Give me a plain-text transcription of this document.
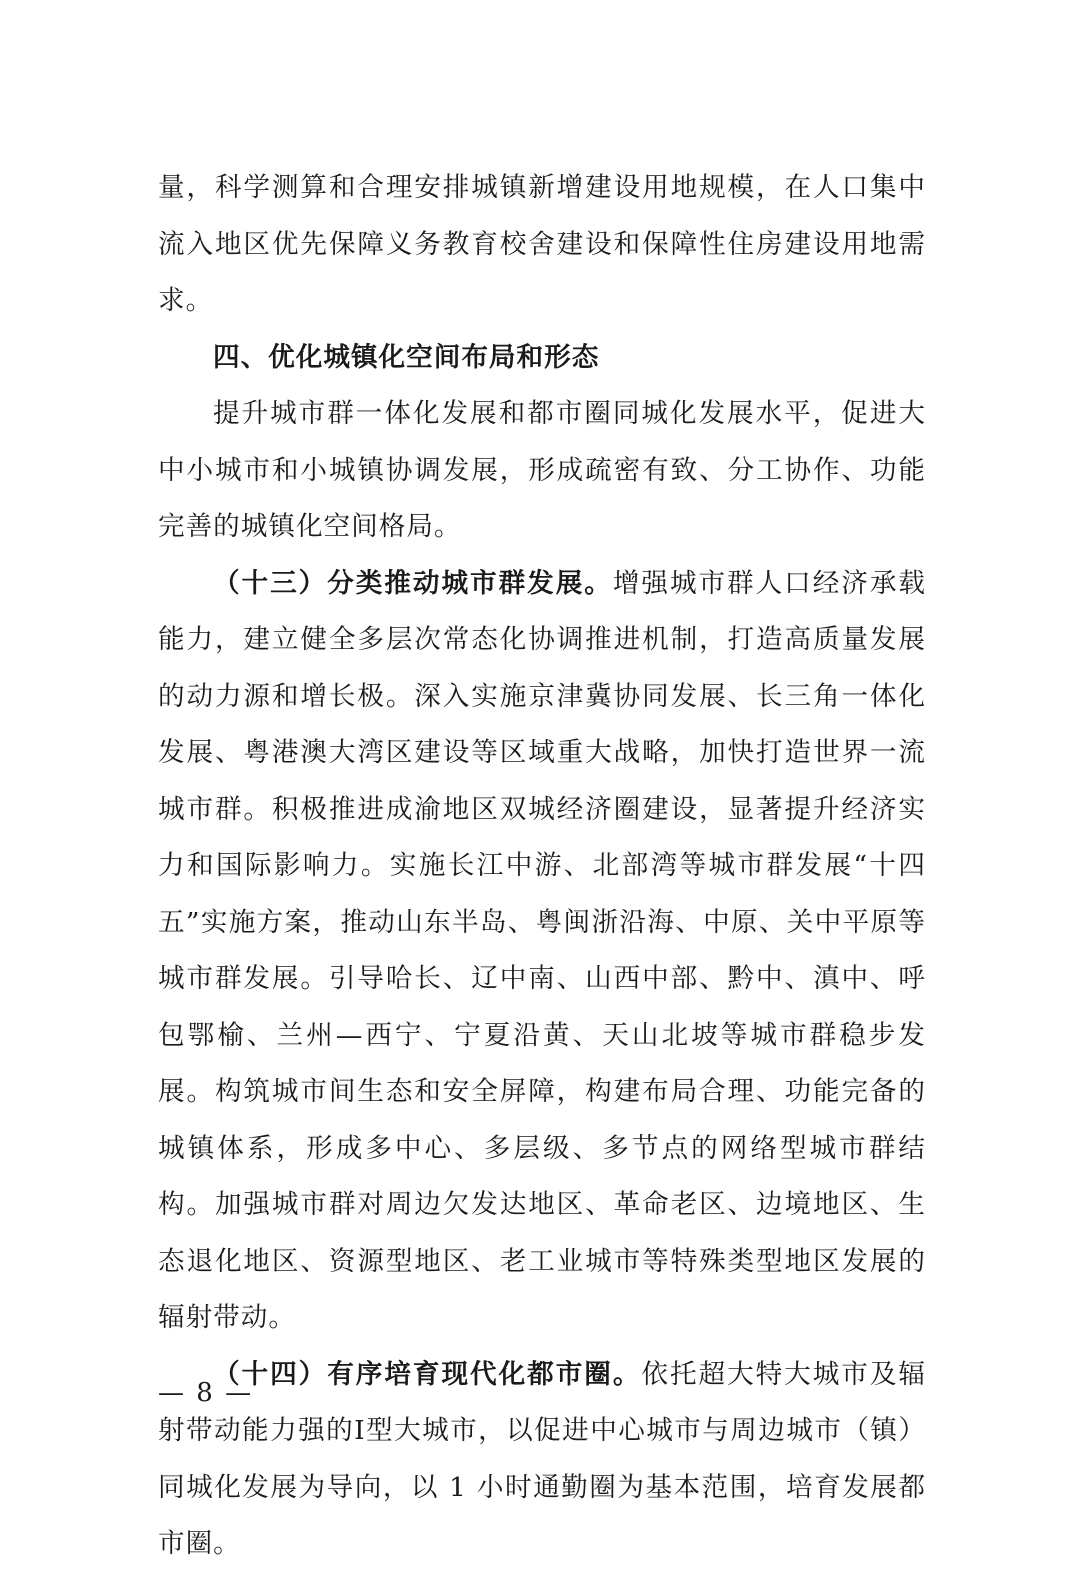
量，科学测算和合理安排城镇新增建设用地规模，在人口集中流入地区优先保障义务教育校舍建设和保障性住房建设用地需求。

四、优化城镇化空间布局和形态

提升城市群一体化发展和都市圈同城化发展水平，促进大中小城市和小城镇协调发展，形成疏密有致、分工协作、功能完善的城镇化空间格局。

（十三）分类推动城市群发展。增强城市群人口经济承载能力，建立健全多层次常态化协调推进机制，打造高质量发展的动力源和增长极。深入实施京津冀协同发展、长三角一体化发展、粤港澳大湾区建设等区域重大战略，加快打造世界一流城市群。积极推进成渝地区双城经济圈建设，显著提升经济实力和国际影响力。实施长江中游、北部湾等城市群发展“十四五”实施方案，推动山东半岛、粤闽浙沿海、中原、关中平原等城市群发展。引导哈长、辽中南、山西中部、黔中、滇中、呼包鄂榆、兰州—西宁、宁夏沿黄、天山北坡等城市群稳步发展。构筑城市间生态和安全屏障，构建布局合理、功能完备的城镇体系，形成多中心、多层级、多节点的网络型城市群结构。加强城市群对周边欠发达地区、革命老区、边境地区、生态退化地区、资源型地区、老工业城市等特殊类型地区发展的辐射带动。

（十四）有序培育现代化都市圈。依托超大特大城市及辐射带动能力强的Ⅰ型大城市，以促进中心城市与周边城市（镇）同城化发展为导向，以 1 小时通勤圈为基本范围，培育发展都市圈。

— 8 —
